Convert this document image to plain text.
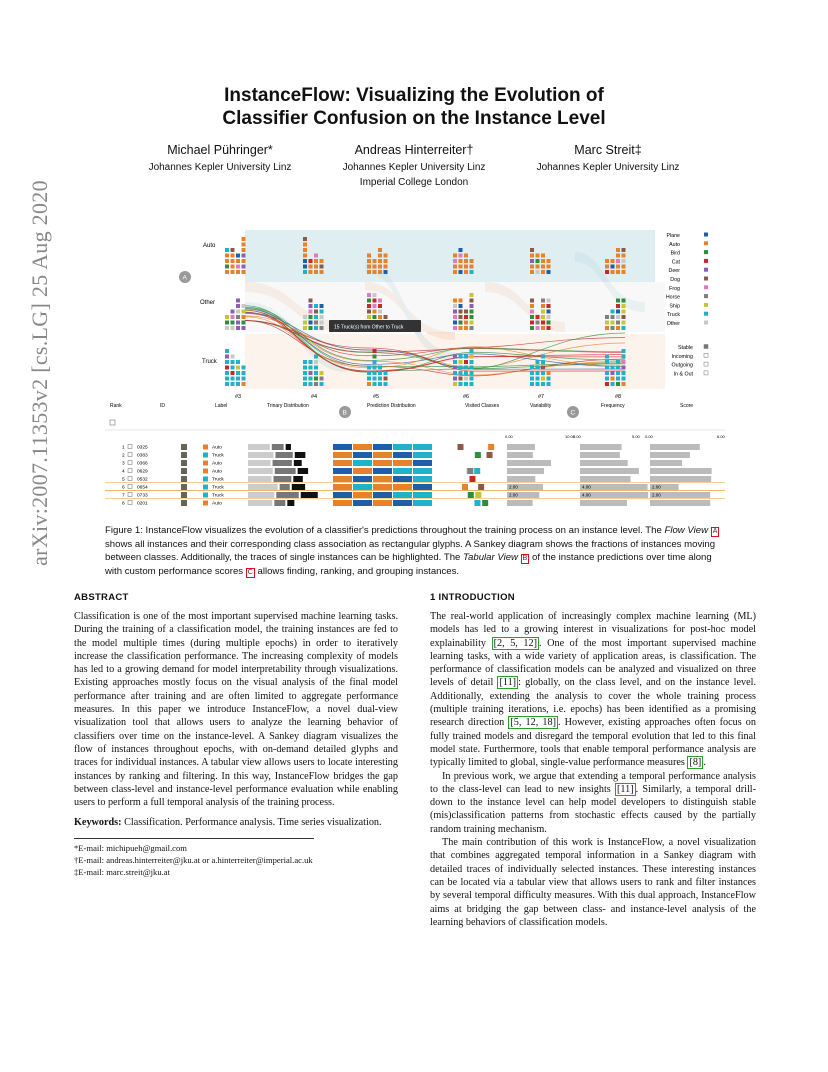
arXiv:2007.11353v2 [cs.LG] 25 Aug 2020
InstanceFlow: Visualizing the Evolution of
Classifier Confusion on the Instance Level
Michael Pühringer*
Johannes Kepler University Linz
Andreas Hinterreiter†
Johannes Kepler University Linz
Imperial College London
Marc Streit‡
Johannes Kepler University Linz
Auto
Other
Truck
A
B	C
15 Truck(s) from Other to Truck
#3	#4	#5	#6	#7	#8
Plane
Auto
Bird
Cat
Deer
Dog
Frog
Horse
Ship
Truck
Other
Stable
Incoming
Outgoing
In & Out
Rank	ID	Label	Trinary Distribution	Prediction Distribution	Visited Classes	Variability	Frequency	Score
0.00	10.00
0.00	5.00 0.00	6.00
1	0325	Auto
2	0383	Truck
3	0366	Auto
4	0629	Auto
5	0532	Truck
6	0654	Truck	2.00	4.00	2.00
7	0733	Truck	2.00	4.00	2.00
8	0201	Auto
Figure 1: InstanceFlow visualizes the evolution of a classifier's predictions throughout the training process on an instance level. The Flow View A shows all instances and their corresponding class association as rectangular glyphs. A Sankey diagram shows the fractions of instances moving between classes. Additionally, the traces of single instances can be highlighted. The Tabular View B of the instance predictions over time along with custom performance scores C allows finding, ranking, and grouping instances.
ABSTRACT
Classification is one of the most important supervised machine learning tasks. During the training of a classification model, the training instances are fed to the model multiple times (during multiple epochs) in order to iteratively increase the classification performance. The increasing complexity of models has led to a growing demand for model interpretability through visualizations. Existing approaches mostly focus on the visual analysis of the final model performance after training and are often limited to aggregate performance measures. In this paper we introduce InstanceFlow, a novel dual-view visualization tool that allows users to analyze the learning behavior of classifiers over time on the instance-level. A Sankey diagram visualizes the flow of instances throughout epochs, with on-demand detailed glyphs and traces for individual instances. A tabular view allows users to locate interesting instances by ranking and filtering. In this way, InstanceFlow bridges the gap between class-level and instance-level performance evaluation while enabling users to perform a full temporal analysis of the training process.
Keywords: Classification. Performance analysis. Time series visualization.
*E-mail: michipueh@gmail.com
†E-mail: andreas.hinterreiter@jku.at or a.hinterreiter@imperial.ac.uk
‡E-mail: marc.streit@jku.at
1 INTRODUCTION
The real-world application of increasingly complex machine learning (ML) models has led to a growing interest in visualizations for post-hoc model explainability [2, 5, 12] . One of the most important supervised machine learning tasks, with a wide variety of application areas, is classification. The performance of classification models can be analyzed and visualized on three levels of detail [11] : globally, on the class level, and on the instance level. Additionally, extending the analysis to cover the whole training process (multiple training iterations, i.e. epochs) has been identified as a promising research direction [5, 12, 18] . However, existing approaches often focus on fully trained models and disregard the temporal evolution that led to this final model state. Furthermore, tools that enable temporal performance analysis are typically limited to global, single-value performance measures [8] .
In previous work, we argue that extending a temporal performance analysis to the class-level can lead to new insights [11] . Similarly, a temporal drill-down to the instance level can help model developers to distinguish stable (mis)classification patterns from stochastic effects caused by the partially random training mechanism.
The main contribution of this work is InstanceFlow, a novel visualization that combines aggregated temporal information in a Sankey diagram with detailed traces of individually selected instances. These interesting instances can be located via a tabular view that allows users to rank and filter instances by several temporal difficulty measures. With this dual approach, InstanceFlow aims at bridging the gap between class- and instance-level analysis of the learning behaviors of classification models.
